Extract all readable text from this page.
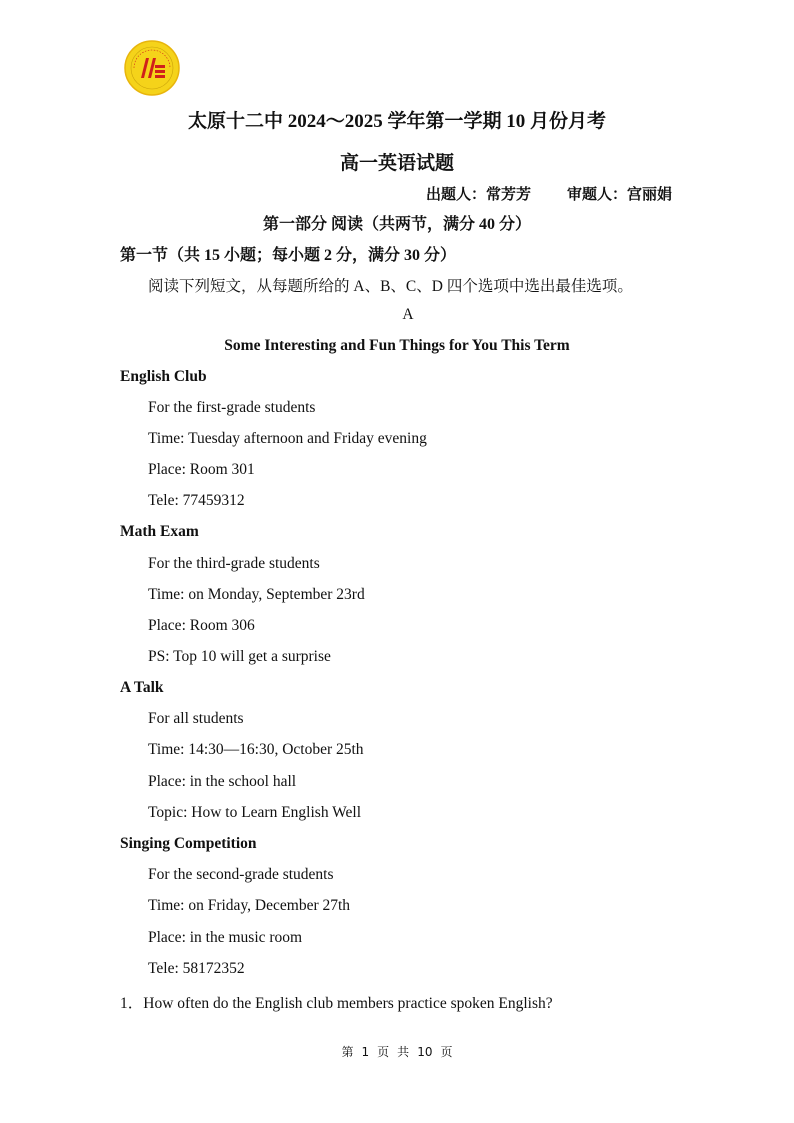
太原十二中 2024～2025 学年第一学期 10 月份月考
高一英语试题
出题人：常芳芳 审题人：宫丽娟
第一部分 阅读（共两节，满分 40 分）
第一节（共 15 小题；每小题 2 分，满分 30 分）
阅读下列短文，从每题所给的 A、B、C、D 四个选项中选出最佳选项。
A
Some Interesting and Fun Things for You This Term
English Club
For the first-grade students
Time: Tuesday afternoon and Friday evening
Place: Room 301
Tele: 77459312
Math Exam
For the third-grade students
Time: on Monday, September 23rd
Place: Room 306
PS: Top 10 will get a surprise
A Talk
For all students
Time: 14:30—16:30, October 25th
Place: in the school hall
Topic: How to Learn English Well
Singing Competition
For the second-grade students
Time: on Friday, December 27th
Place: in the music room
Tele: 58172352
1．How often do the English club members practice spoken English?
第 1 页 共 10 页
